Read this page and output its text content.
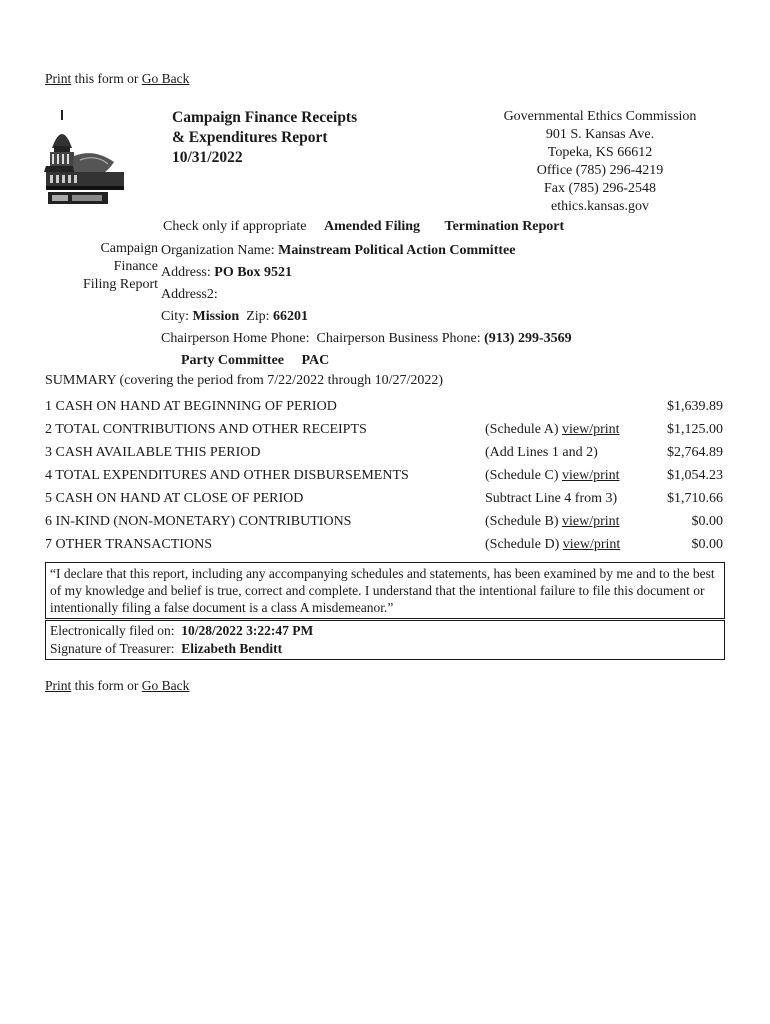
Print this form or Go Back
Campaign Finance Receipts
& Expenditures Report
10/31/2022
Governmental Ethics Commission
901 S. Kansas Ave.
Topeka, KS 66612
Office (785) 296-4219
Fax (785) 296-2548
ethics.kansas.gov
Check only if appropriate Amended Filing Termination Report
Campaign
Finance
Filing Report
Organization Name: Mainstream Political Action Committee
Address: PO Box 9521
Address2:
City: Mission Zip: 66201
Chairperson Home Phone: Chairperson Business Phone: (913) 299-3569
Party Committee PAC
SUMMARY (covering the period from 7/22/2022 through 10/27/2022)
1 CASH ON HAND AT BEGINNING OF PERIOD		$1,639.89
2 TOTAL CONTRIBUTIONS AND OTHER RECEIPTS	(Schedule A) view/print	$1,125.00
3 CASH AVAILABLE THIS PERIOD	(Add Lines 1 and 2)	$2,764.89
4 TOTAL EXPENDITURES AND OTHER DISBURSEMENTS	(Schedule C) view/print	$1,054.23
5 CASH ON HAND AT CLOSE OF PERIOD	Subtract Line 4 from 3)	$1,710.66
6 IN-KIND (NON-MONETARY) CONTRIBUTIONS	(Schedule B) view/print	$0.00
7 OTHER TRANSACTIONS	(Schedule D) view/print	$0.00
“I declare that this report, including any accompanying schedules and statements, has been examined by me and to the best of my knowledge and belief is true, correct and complete. I understand that the intentional failure to file this document or intentionally filing a false document is a class A misdemeanor.”
Electronically filed on: 10/28/2022 3:22:47 PM
Signature of Treasurer: Elizabeth Benditt
Print this form or Go Back
